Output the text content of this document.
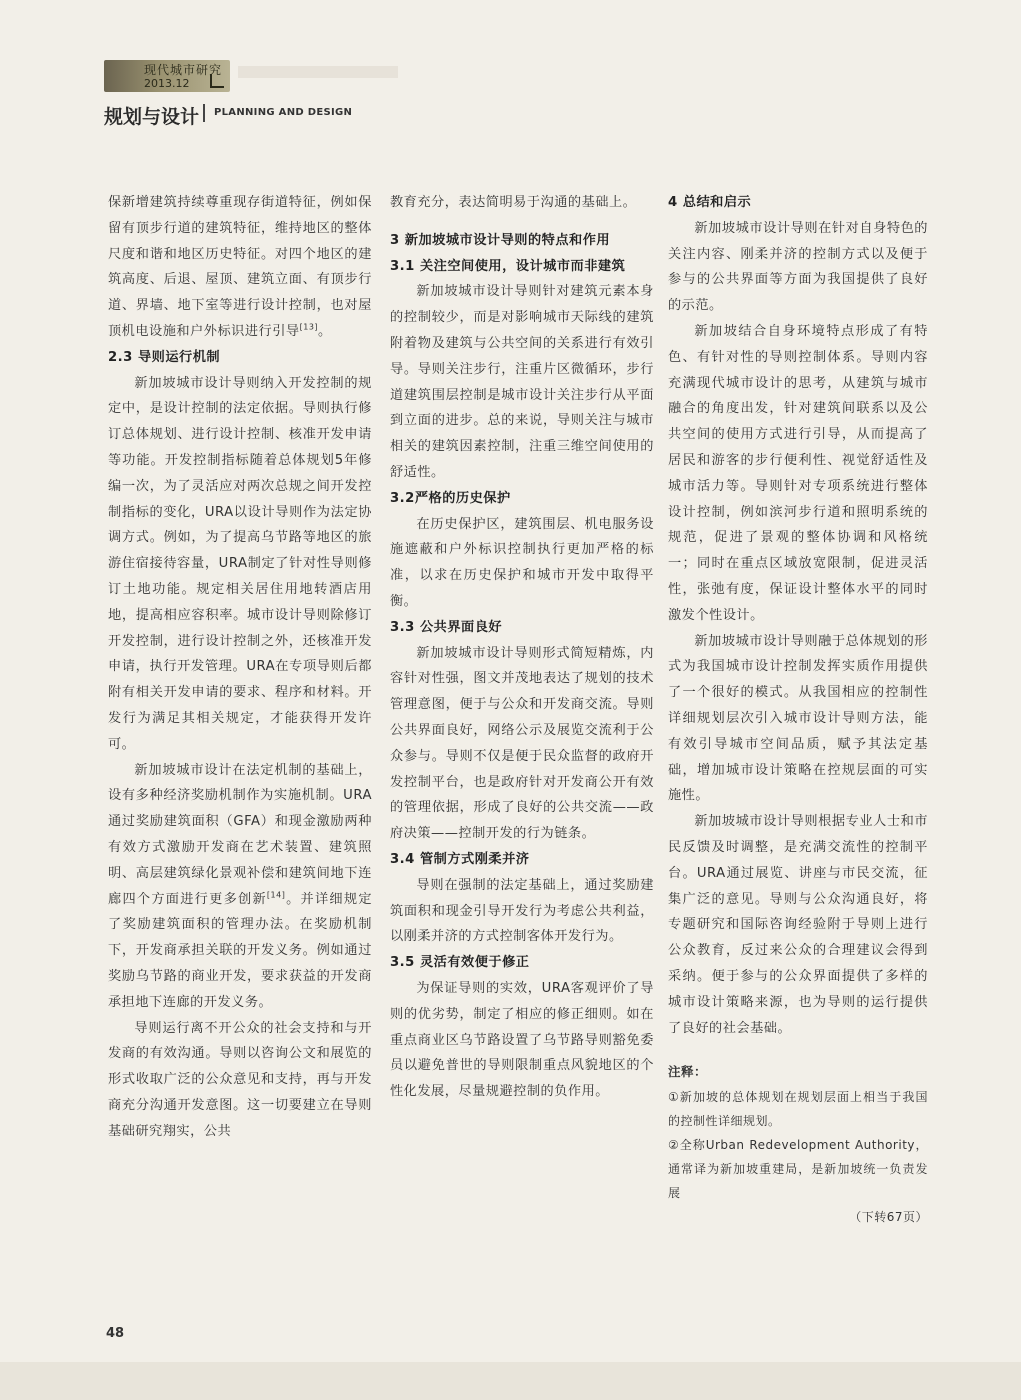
现代城市研究
2013.12
规划与设计 PLANNING AND DESIGN

保新增建筑持续尊重现存街道特征，例如保留有顶步行道的建筑特征，维持地区的整体尺度和谐和地区历史特征。对四个地区的建筑高度、后退、屋顶、建筑立面、有顶步行道、界墙、地下室等进行设计控制，也对屋顶机电设施和户外标识进行引导[13]。

2.3 导则运行机制

新加坡城市设计导则纳入开发控制的规定中，是设计控制的法定依据。导则执行修订总体规划、进行设计控制、核准开发申请等功能。开发控制指标随着总体规划5年修编一次，为了灵活应对两次总规之间开发控制指标的变化，URA以设计导则作为法定协调方式。例如，为了提高乌节路等地区的旅游住宿接待容量，URA制定了针对性导则修订土地功能。规定相关居住用地转酒店用地，提高相应容积率。城市设计导则除修订开发控制，进行设计控制之外，还核准开发申请，执行开发管理。URA在专项导则后都附有相关开发申请的要求、程序和材料。开发行为满足其相关规定，才能获得开发许可。

新加坡城市设计在法定机制的基础上，设有多种经济奖励机制作为实施机制。URA通过奖励建筑面积（GFA）和现金激励两种有效方式激励开发商在艺术装置、建筑照明、高层建筑绿化景观补偿和建筑间地下连廊四个方面进行更多创新[14]。并详细规定了奖励建筑面积的管理办法。在奖励机制下，开发商承担关联的开发义务。例如通过奖励乌节路的商业开发，要求获益的开发商承担地下连廊的开发义务。

导则运行离不开公众的社会支持和与开发商的有效沟通。导则以咨询公文和展览的形式收取广泛的公众意见和支持，再与开发商充分沟通开发意图。这一切要建立在导则基础研究翔实，公共

教育充分，表达简明易于沟通的基础上。

3 新加坡城市设计导则的特点和作用
3.1 关注空间使用，设计城市而非建筑

新加坡城市设计导则针对建筑元素本身的控制较少，而是对影响城市天际线的建筑附着物及建筑与公共空间的关系进行有效引导。导则关注步行，注重片区微循环，步行道建筑围层控制是城市设计关注步行从平面到立面的进步。总的来说，导则关注与城市相关的建筑因素控制，注重三维空间使用的舒适性。

3.2严格的历史保护

在历史保护区，建筑围层、机电服务设施遮蔽和户外标识控制执行更加严格的标准，以求在历史保护和城市开发中取得平衡。

3.3 公共界面良好

新加坡城市设计导则形式简短精炼，内容针对性强，图文并茂地表达了规划的技术管理意图，便于与公众和开发商交流。导则公共界面良好，网络公示及展览交流利于公众参与。导则不仅是便于民众监督的政府开发控制平台，也是政府针对开发商公开有效的管理依据，形成了良好的公共交流——政府决策——控制开发的行为链条。

3.4 管制方式刚柔并济

导则在强制的法定基础上，通过奖励建筑面积和现金引导开发行为考虑公共利益，以刚柔并济的方式控制客体开发行为。

3.5 灵活有效便于修正

为保证导则的实效，URA客观评价了导则的优劣势，制定了相应的修正细则。如在重点商业区乌节路设置了乌节路导则豁免委员以避免普世的导则限制重点风貌地区的个性化发展，尽量规避控制的负作用。

4 总结和启示

新加坡城市设计导则在针对自身特色的关注内容、刚柔并济的控制方式以及便于参与的公共界面等方面为我国提供了良好的示范。

新加坡结合自身环境特点形成了有特色、有针对性的导则控制体系。导则内容充满现代城市设计的思考，从建筑与城市融合的角度出发，针对建筑间联系以及公共空间的使用方式进行引导，从而提高了居民和游客的步行便利性、视觉舒适性及城市活力等。导则针对专项系统进行整体设计控制，例如滨河步行道和照明系统的规范，促进了景观的整体协调和风格统一；同时在重点区域放宽限制，促进灵活性，张弛有度，保证设计整体水平的同时激发个性设计。

新加坡城市设计导则融于总体规划的形式为我国城市设计控制发挥实质作用提供了一个很好的模式。从我国相应的控制性详细规划层次引入城市设计导则方法，能有效引导城市空间品质，赋予其法定基础，增加城市设计策略在控规层面的可实施性。

新加坡城市设计导则根据专业人士和市民反馈及时调整，是充满交流性的控制平台。URA通过展览、讲座与市民交流，征集广泛的意见。导则与公众沟通良好，将专题研究和国际咨询经验附于导则上进行公众教育，反过来公众的合理建议会得到采纳。便于参与的公众界面提供了多样的城市设计策略来源，也为导则的运行提供了良好的社会基础。

注释：

①新加坡的总体规划在规划层面上相当于我国的控制性详细规划。

②全称Urban Redevelopment Authority，通常译为新加坡重建局，是新加坡统一负责发展

（下转67页）

48
